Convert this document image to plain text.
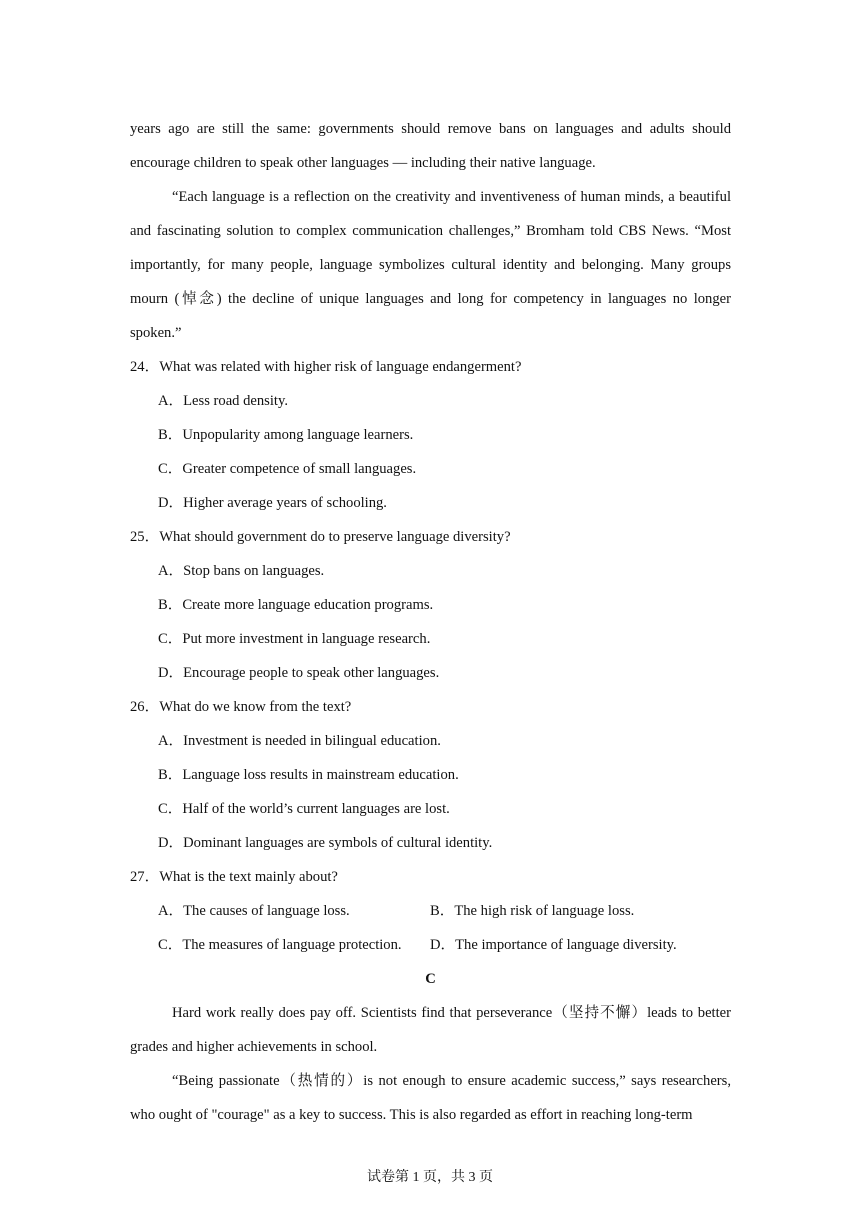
years ago are still the same: governments should remove bans on languages and adults should encourage children to speak other languages — including their native language.

“Each language is a reflection on the creativity and inventiveness of human minds, a beautiful and fascinating solution to complex communication challenges,” Bromham told CBS News. “Most importantly, for many people, language symbolizes cultural identity and belonging. Many groups mourn (悼念) the decline of unique languages and long for competency in languages no longer spoken.”

24．What was related with higher risk of language endangerment?

A．Less road density.

B．Unpopularity among language learners.

C．Greater competence of small languages.

D．Higher average years of schooling.

25．What should government do to preserve language diversity?

A．Stop bans on languages.

B．Create more language education programs.

C．Put more investment in language research.

D．Encourage people to speak other languages.

26．What do we know from the text?

A．Investment is needed in bilingual education.

B．Language loss results in mainstream education.

C．Half of the world’s current languages are lost.

D．Dominant languages are symbols of cultural identity.

27．What is the text mainly about?

A．The causes of language loss.	B．The high risk of language loss.
C．The measures of language protection.	D．The importance of language diversity.

C

Hard work really does pay off. Scientists find that perseverance（坚持不懈）leads to better grades and higher achievements in school.

“Being passionate（热情的）is not enough to ensure academic success,” says researchers, who ought of "courage" as a key to success. This is also regarded as effort in reaching long-term

试卷第 1 页，共 3 页
